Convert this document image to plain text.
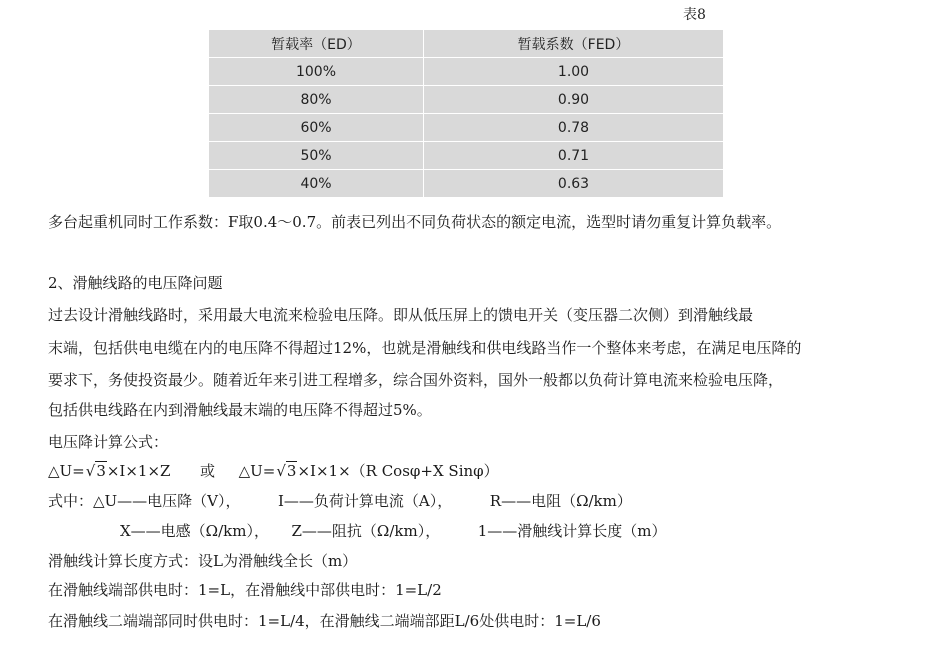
表8
暂载率（ED）	暂载系数（FED）
100%	1.00
80%	0.90
60%	0.78
50%	0.71
40%	0.63
多台起重机同时工作系数：F取0.4～0.7。前表已列出不同负荷状态的额定电流，选型时请勿重复计算负载率。
2、滑触线路的电压降问题
过去设计滑触线路时，采用最大电流来检验电压降。即从低压屏上的馈电开关（变压器二次侧）到滑触线最
末端，包括供电电缆在内的电压降不得超过12%，也就是滑触线和供电线路当作一个整体来考虑，在满足电压降的
要求下，务使投资最少。随着近年来引进工程增多，综合国外资料，国外一般都以负荷计算电流来检验电压降，
包括供电线路在内到滑触线最末端的电压降不得超过5%。
电压降计算公式：
△U=√3×I×1×Z 或 △U=√3×I×1×（R Cosφ+X Sinφ）
式中：△U——电压降（V），　　　I——负荷计算电流（A），　　　R——电阻（Ω/km）
X——电感（Ω/km），　　Z——阻抗（Ω/km），　　　1——滑触线计算长度（m）
滑触线计算长度方式：设L为滑触线全长（m）
在滑触线端部供电时：1=L，在滑触线中部供电时：1=L/2
在滑触线二端端部同时供电时：1=L/4，在滑触线二端端部距L/6处供电时：1=L/6
